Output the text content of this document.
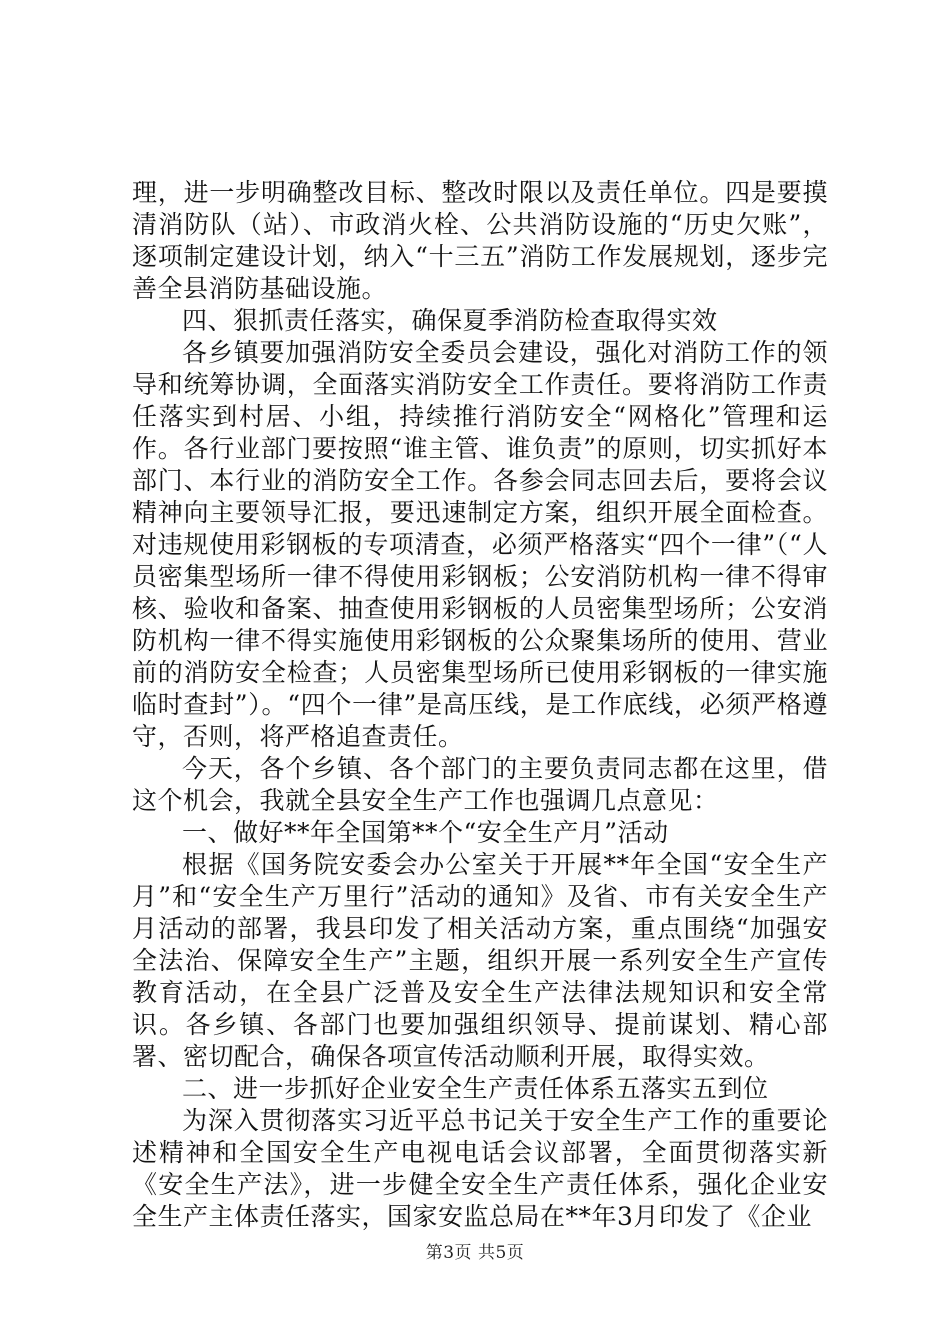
理，进一步明确整改目标、整改时限以及责任单位。四是要摸清消防队（站）、市政消火栓、公共消防设施的“历史欠账”，逐项制定建设计划，纳入“十三五”消防工作发展规划，逐步完善全县消防基础设施。

四、狠抓责任落实，确保夏季消防检查取得实效

各乡镇要加强消防安全委员会建设，强化对消防工作的领导和统筹协调，全面落实消防安全工作责任。要将消防工作责任落实到村居、小组，持续推行消防安全“网格化”管理和运作。各行业部门要按照“谁主管、谁负责”的原则，切实抓好本部门、本行业的消防安全工作。各参会同志回去后，要将会议精神向主要领导汇报，要迅速制定方案，组织开展全面检查。对违规使用彩钢板的专项清查，必须严格落实“四个一律”（“人员密集型场所一律不得使用彩钢板；公安消防机构一律不得审核、验收和备案、抽查使用彩钢板的人员密集型场所；公安消防机构一律不得实施使用彩钢板的公众聚集场所的使用、营业前的消防安全检查；人员密集型场所已使用彩钢板的一律实施临时查封”）。“四个一律”是高压线，是工作底线，必须严格遵守，否则，将严格追查责任。

今天，各个乡镇、各个部门的主要负责同志都在这里，借这个机会，我就全县安全生产工作也强调几点意见：

一、做好**年全国第**个“安全生产月”活动

根据《国务院安委会办公室关于开展**年全国“安全生产月”和“安全生产万里行”活动的通知》及省、市有关安全生产月活动的部署，我县印发了相关活动方案，重点围绕“加强安全法治、保障安全生产”主题，组织开展一系列安全生产宣传教育活动，在全县广泛普及安全生产法律法规知识和安全常识。各乡镇、各部门也要加强组织领导、提前谋划、精心部署、密切配合，确保各项宣传活动顺利开展，取得实效。

二、进一步抓好企业安全生产责任体系五落实五到位

为深入贯彻落实习近平总书记关于安全生产工作的重要论述精神和全国安全生产电视电话会议部署，全面贯彻落实新《安全生产法》，进一步健全安全生产责任体系，强化企业安全生产主体责任落实，国家安监总局在**年3月印发了《企业

第3页 共5页
